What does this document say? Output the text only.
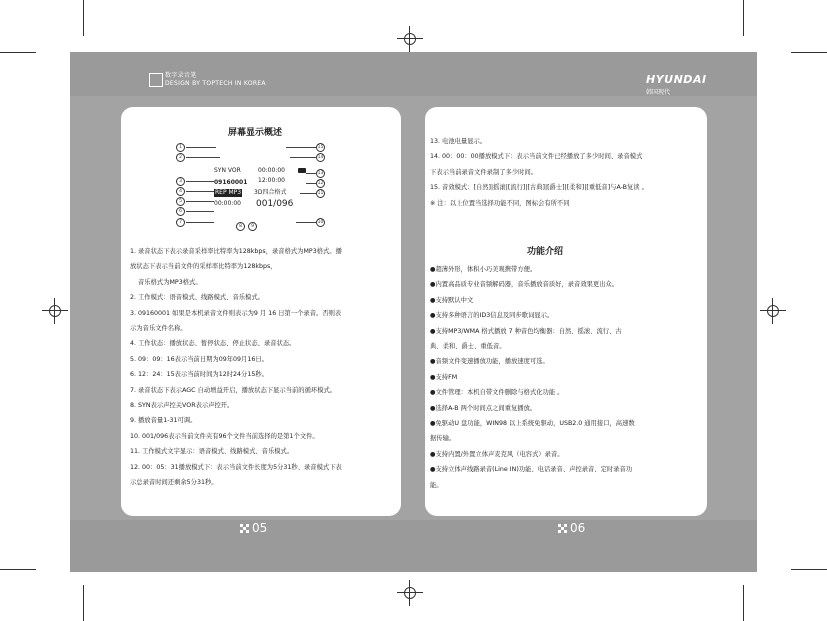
数字录音笔
DESIGN BY TOPTECH IN KOREA	HYUNDAI
韩国现代
屏幕显示概述
SYN VOR	00:00:00
09160001 12:00:00
REP MP3 3D四合格式
00:00:00 001/096
1
2
3
4
5
6
7
8	9
10
11
12
13
14
15

1. 录音状态下表示录音采样率比特率为128kbps，录音格式为MP3格式。播

放状态下表示当前文件的采样率比特率为128kbps，

音乐格式为MP3格式。

2. 工作模式：语音模式、线路模式、音乐模式。

3. 09160001 如果是本机录音文件则表示为9 月 16 日第一个录音。否则表

示为音乐文件名称。

4. 工作状态：播放状态、暂停状态、停止状态、录音状态。

5. 09：09：16表示当前日期为09年09月16日。

6. 12：24：15表示当前时间为12时24分15秒。

7. 录音状态下表示AGC 自动增益开启，播放状态下显示当前的循环模式。

8. SYN表示声控关VOR表示声控开。

9. 播放音量1-31可调。

10. 001/096表示当前文件夹有96个文件当前选择的是第1个文件。

11. 工作模式文字显示：语音模式、线路模式、音乐模式。

12. 00：05：31播放模式下：表示当前文件长度为5分31秒、录音模式下表

示总录音时间还剩余5分31秒。

13. 电池电量显示。

14. 00：00：00播放模式下：表示当前文件已经播放了多少时间、录音模式

下表示当前录音文件录制了多少时间。

15. 音效模式：[自然]|摇滚|[流行]|[古典]|[爵士]|[柔和]|[重低音]与A-B复读 。

※ 注：以上位置当选择功能不同，图标会有所不同

功能介绍

●超薄外形，体积小巧美观携带方便。

●内置高品质专业音频解码器，音乐播放音质好，录音效果更出众。

●支持默认中文

●支持多种语言的ID3信息及同步歌词显示。

●支持MP3/WMA 格式播放 7 种音色均衡器：自然、摇滚、流行、古

典、柔和、爵士、重低音。

●音频文件变速播放功能，播放速度可选。

●支持FM

●文件管理：本机自带文件删除与格式化功能 。

●选择A-B 两个时间点之间重复播放。

●免驱动U 盘功能，WIN98 以上系统免驱动，USB2.0 通用接口，高速数

据传输。

●支持内置/外置立体声麦克风（电容式）录音。

●支持立体声线路录音(Line IN)功能、电话录音、声控录音、定时录音功

能。

05	06
